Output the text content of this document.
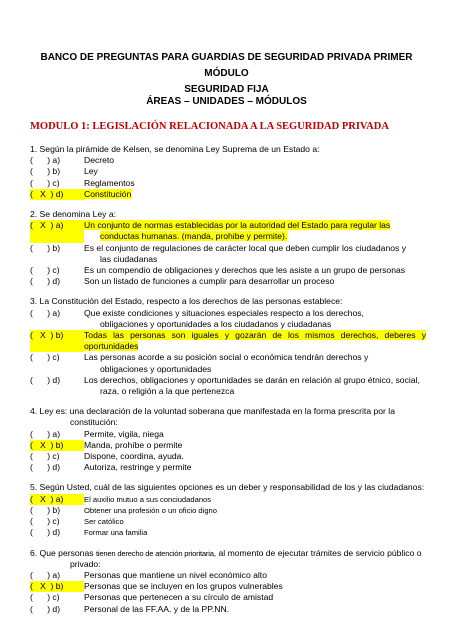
BANCO DE PREGUNTAS PARA GUARDIAS DE SEGURIDAD PRIVADA PRIMER MÓDULO
SEGURIDAD FIJA

ÁREAS – UNIDADES – MÓDULOS

MODULO 1: LEGISLACIÓN RELACIONADA A LA SEGURIDAD PRIVADA

1. Según la pirámide de Kelsen, se denomina Ley Suprema de un Estado a:

(      ) a)	Decreto
(      ) b)	Ley
(      ) c)	Reglamentos
(   X  ) d)	Constitución

2. Se denomina Ley a:

(   X  ) a)	Un conjunto de normas establecidas por la autoridad del Estado para regular las
conductas humanas. (manda, prohibe y permite).
(      ) b)	Es el conjunto de regulaciones de carácter local que deben cumplir los ciudadanos y
las ciudadanas
(      ) c)	Es un compendio de obligaciones y derechos que les asiste a un grupo de personas
(      ) d)	Son un listado de funciones a cumplir para desarrollar un proceso

3. La Constitución del Estado, respecto a los derechos de las personas establece:

(      ) a)	Que existe condiciones y situaciones especiales respecto a los derechos,
obligaciones y oportunidades a los ciudadanos y ciudadanas
(   X  ) b)	Todas las personas son iguales y gozarán de los mismos derechos, deberes y oportunidades
(      ) c)	Las personas acorde a su posición social o económica tendrán derechos y
obligaciones y oportunidades
(      ) d)	Los derechos, obligaciones y oportunidades se darán en relación al grupo étnico, social,
raza, o religión a la que pertenezca

4. Ley es: una declaración de la voluntad soberana que manifestada en la forma prescrita por la
constitución:

(      ) a)	Permite, vigila, niega
(   X  ) b)	Manda, prohíbe o permite
(      ) c)	Dispone, coordina, ayuda.
(      ) d)	Autoriza, restringe y permite

5. Según Usted, cuál de las siguientes opciones es un deber y responsabilidad de los y las ciudadanos:

(   X  ) a)	El auxilio mutuo a sus conciudadanos
(      ) b)	Obtener una profesión o un oficio digno
(      ) c)	Ser católico
(      ) d)	Formar una familia

6. Que personas tienen derecho de atención prioritaria, al momento de ejecutar trámites de servicio público o
privado:

(      ) a)	Personas que mantiene un nivel económico alto
(   X  ) b)	Personas que se incluyen en los grupos vulnerables
(      ) c)	Personas que pertenecen a su círculo de amistad
(      ) d)	Personal de las FF.AA. y de la PP.NN.
